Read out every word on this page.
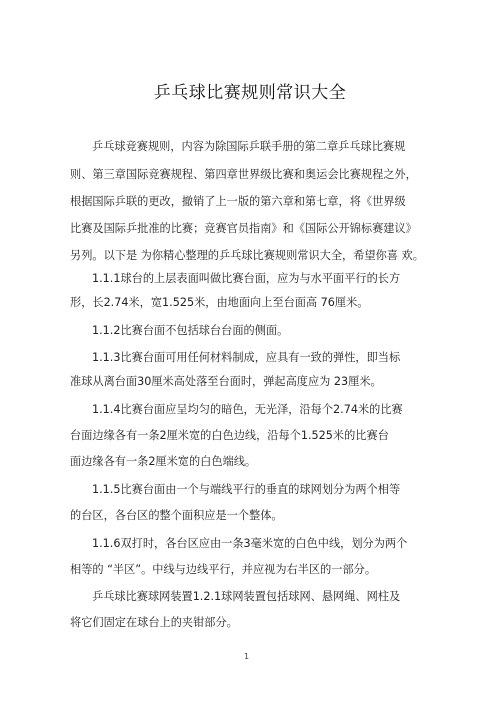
乒乓球比赛规则常识大全
乒乓球竞赛规则，内容为除国际乒联手册的第二章乒乓球比赛规
则、第三章国际竞赛规程、第四章世界级比赛和奥运会比赛规程之外，
根据国际乒联的更改，撤销了上一版的第六章和第七章，将《世界级
比赛及国际乒批准的比赛；竞赛官员指南》和《国际公开锦标赛建议》
另列。以下是 为你精心整理的乒乓球比赛规则常识大全，希望你喜 欢。
1.1.1球台的上层表面叫做比赛台面，应为与水平面平行的长方
形，长2.74米，宽1.525米，由地面向上至台面高 76厘米。
1.1.2比赛台面不包括球台台面的侧面。
1.1.3比赛台面可用任何材料制成，应具有一致的弹性，即当标
准球从离台面30厘米高处落至台面时，弹起高度应为 23厘米。
1.1.4比赛台面应呈均匀的暗色，无光泽，沿每个2.74米的比赛
台面边缘各有一条2厘米宽的白色边线，沿每个1.525米的比赛台
面边缘各有一条2厘米宽的白色端线。
1.1.5比赛台面由一个与端线平行的垂直的球网划分为两个相等
的台区，各台区的整个面积应是一个整体。
1.1.6双打时，各台区应由一条3毫米宽的白色中线，划分为两个
相等的 “半区”。中线与边线平行，并应视为右半区的一部分。
乒乓球比赛球网装置1.2.1球网装置包括球网、悬网绳、网柱及
将它们固定在球台上的夹钳部分。
1
